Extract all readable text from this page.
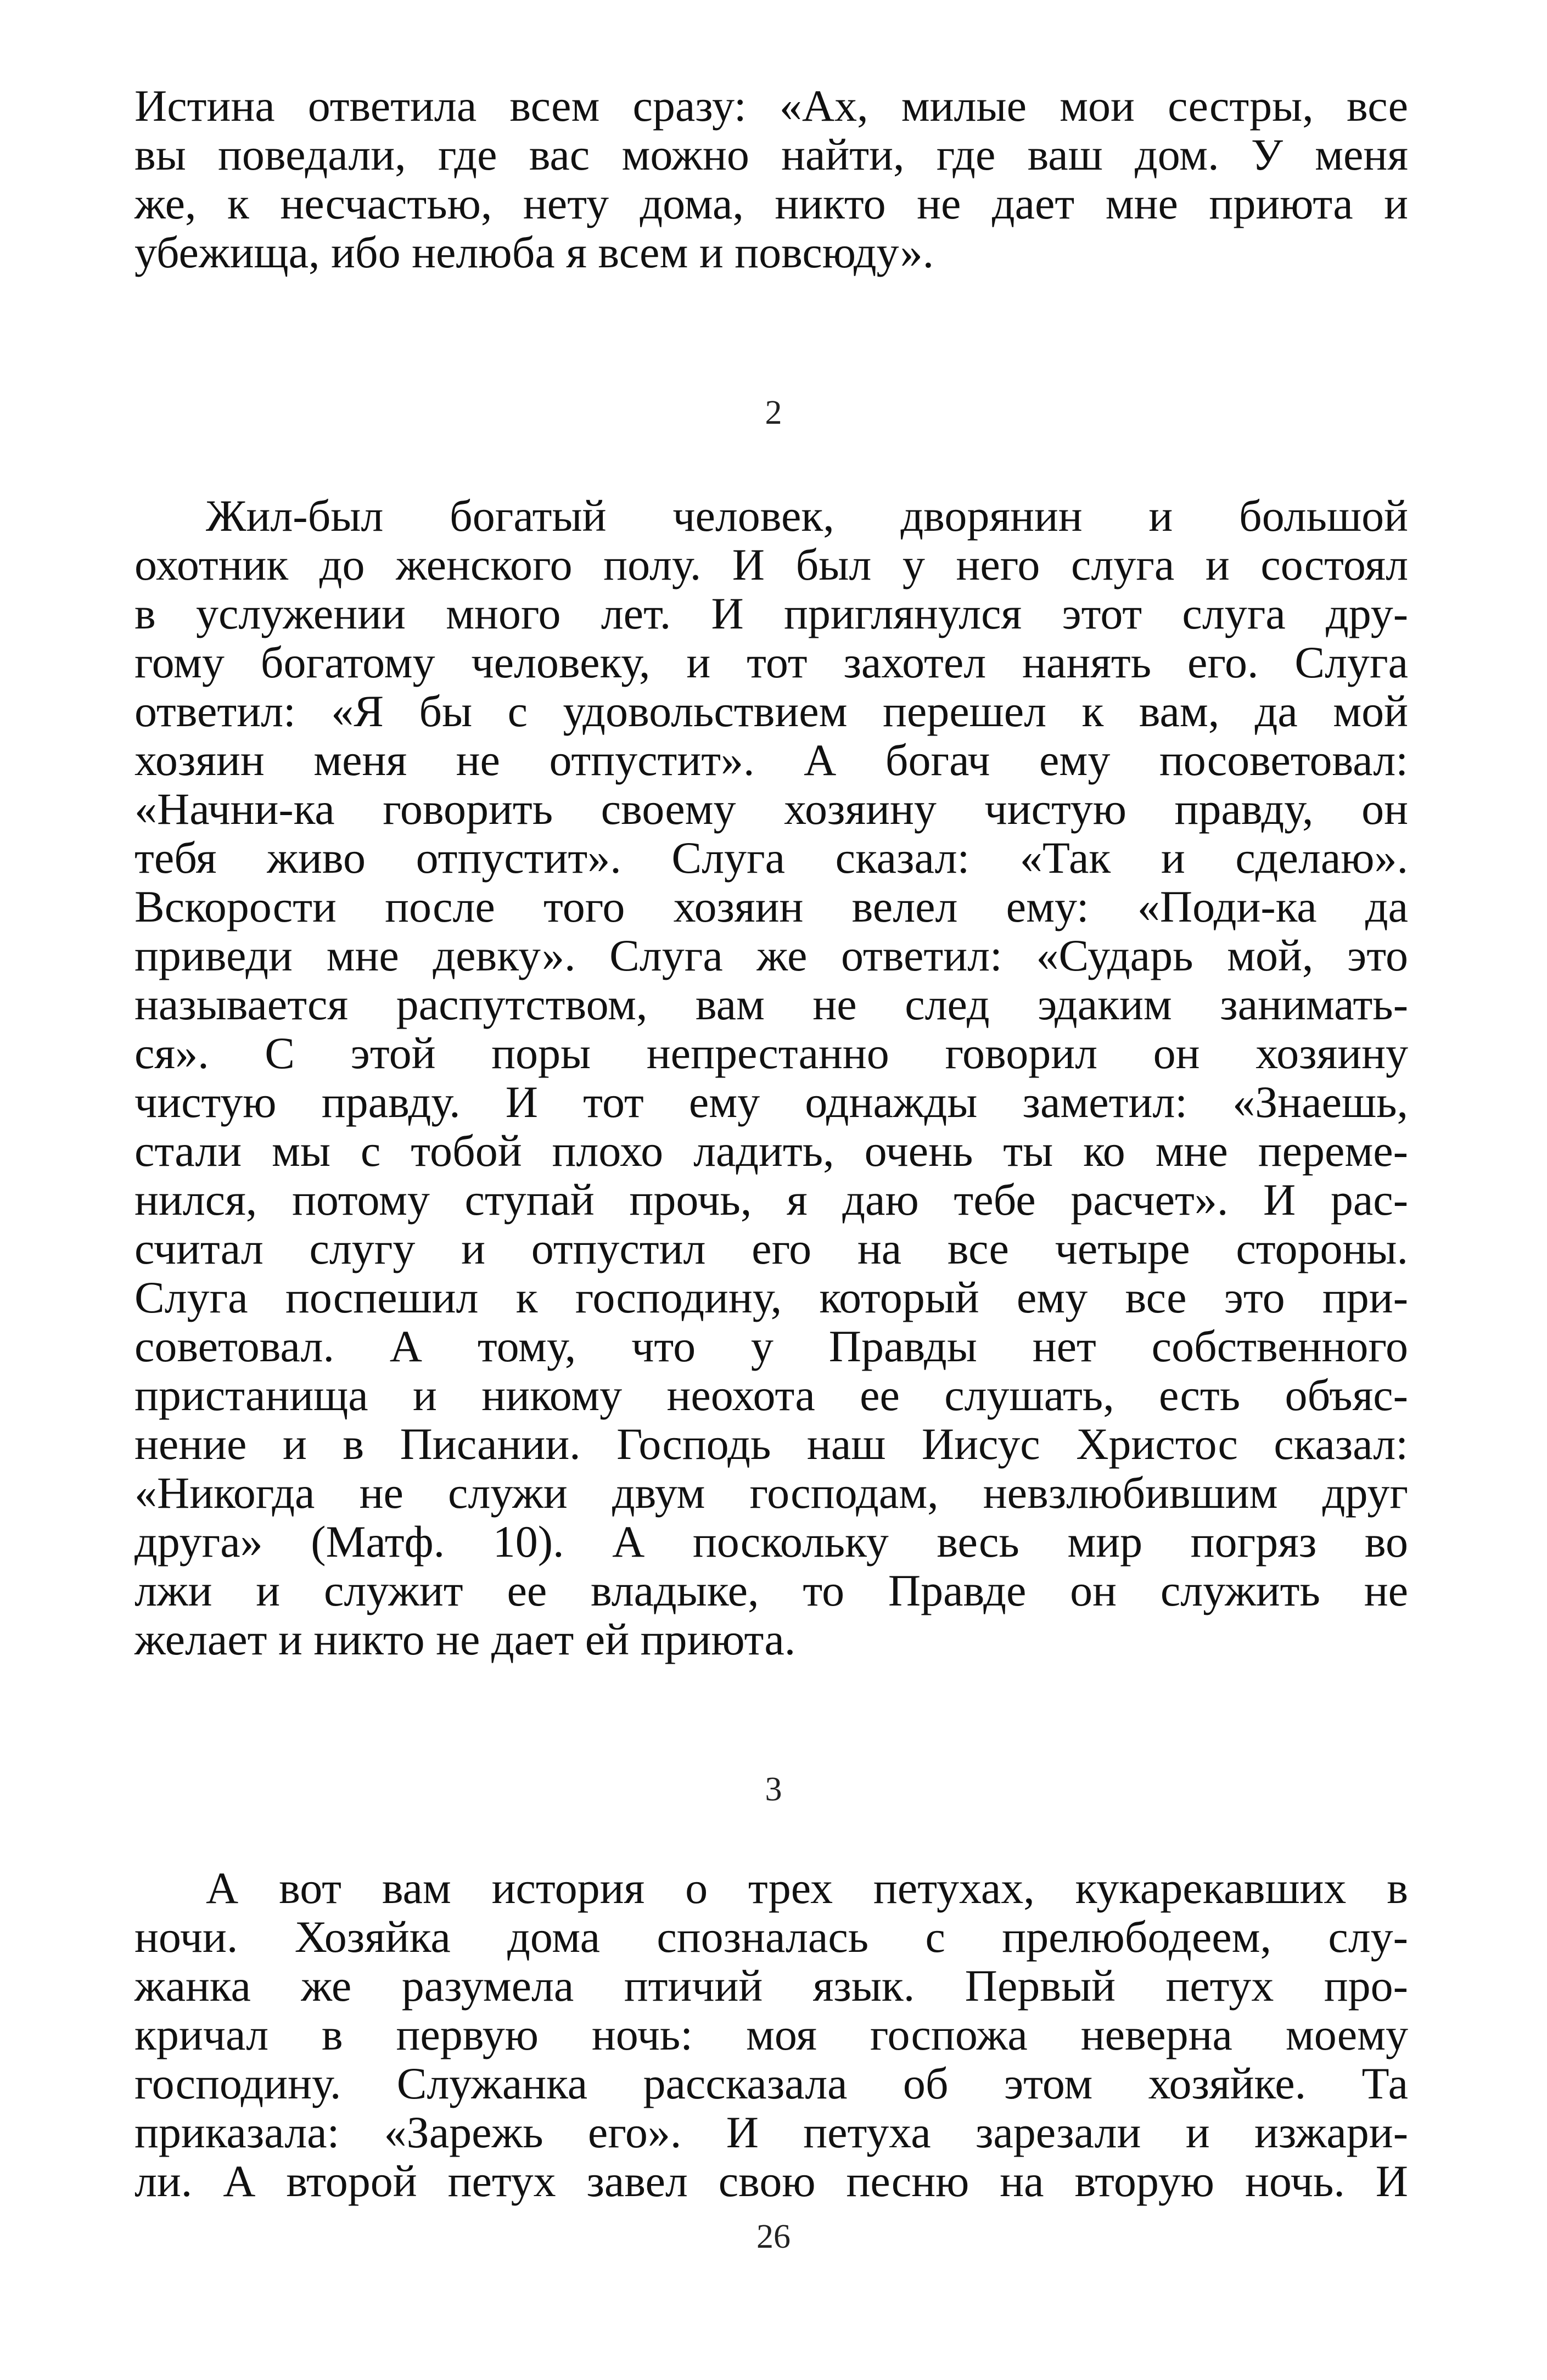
Истина ответила всем сразу: «Ах, милые мои сестры, все
вы поведали, где вас можно найти, где ваш дом. У меня
же, к несчастью, нету дома, никто не дает мне приюта и
убежища, ибо нелюба я всем и повсюду».

2

Жил-был богатый человек, дворянин и большой
охотник до женского полу. И был у него слуга и состоял
в услужении много лет. И приглянулся этот слуга дру-
гому богатому человеку, и тот захотел нанять его. Слуга
ответил: «Я бы с удовольствием перешел к вам, да мой
хозяин меня не отпустит». А богач ему посоветовал:
«Начни-ка говорить своему хозяину чистую правду, он
тебя живо отпустит». Слуга сказал: «Так и сделаю».
Вскорости после того хозяин велел ему: «Поди-ка да
приведи мне девку». Слуга же ответил: «Сударь мой, это
называется распутством, вам не след эдаким занимать-
ся». С этой поры непрестанно говорил он хозяину
чистую правду. И тот ему однажды заметил: «Знаешь,
стали мы с тобой плохо ладить, очень ты ко мне переме-
нился, потому ступай прочь, я даю тебе расчет». И рас-
считал слугу и отпустил его на все четыре стороны.
Слуга поспешил к господину, который ему все это при-
советовал. А тому, что у Правды нет собственного
пристанища и никому неохота ее слушать, есть объяс-
нение и в Писании. Господь наш Иисус Христос сказал:
«Никогда не служи двум господам, невзлюбившим друг
друга» (Матф. 10). А поскольку весь мир погряз во
лжи и служит ее владыке, то Правде он служить не
желает и никто не дает ей приюта.

3

А вот вам история о трех петухах, кукарекавших в
ночи. Хозяйка дома спозналась с прелюбодеем, слу-
жанка же разумела птичий язык. Первый петух про-
кричал в первую ночь: моя госпожа неверна моему
господину. Служанка рассказала об этом хозяйке. Та
приказала: «Зарежь его». И петуха зарезали и изжари-
ли. А второй петух завел свою песню на вторую ночь. И

26
